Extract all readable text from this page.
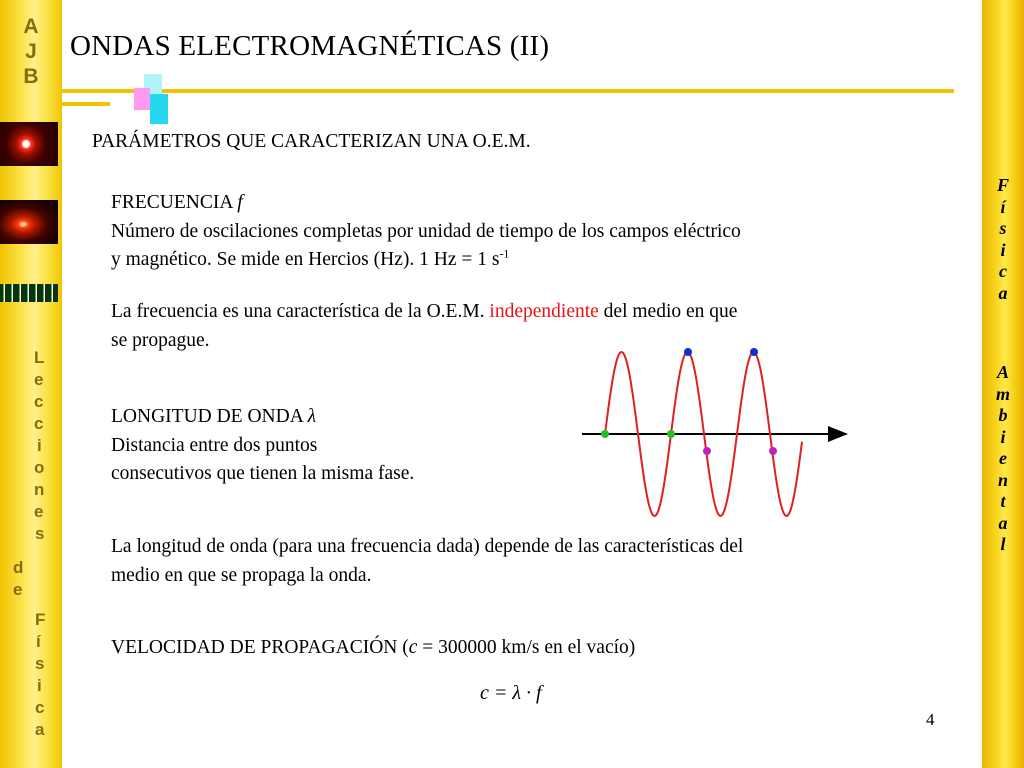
A
J
B
L
e
c
c
i
o
n
e
s
d
e
F
í
s
i
c
a
F
í
s
i
c
a
A
m
b
i
e
n
t
a
l
ONDAS ELECTROMAGNÉTICAS (II)
PARÁMETROS QUE CARACTERIZAN UNA O.E.M.
FRECUENCIA f
Número de oscilaciones completas por unidad de tiempo de los campos eléctrico
y magnético. Se mide en Hercios (Hz). 1 Hz = 1 $s^{-1}$
La frecuencia es una característica de la O.E.M. independiente del medio en que
se propague.
LONGITUD DE ONDA λ
Distancia entre dos puntos
consecutivos que tienen la misma fase.
La longitud de onda (para una frecuencia dada) depende de las características del
medio en que se propaga la onda.
VELOCIDAD DE PROPAGACIÓN (c = 300000 km/s en el vacío)
c = λ · f
4
